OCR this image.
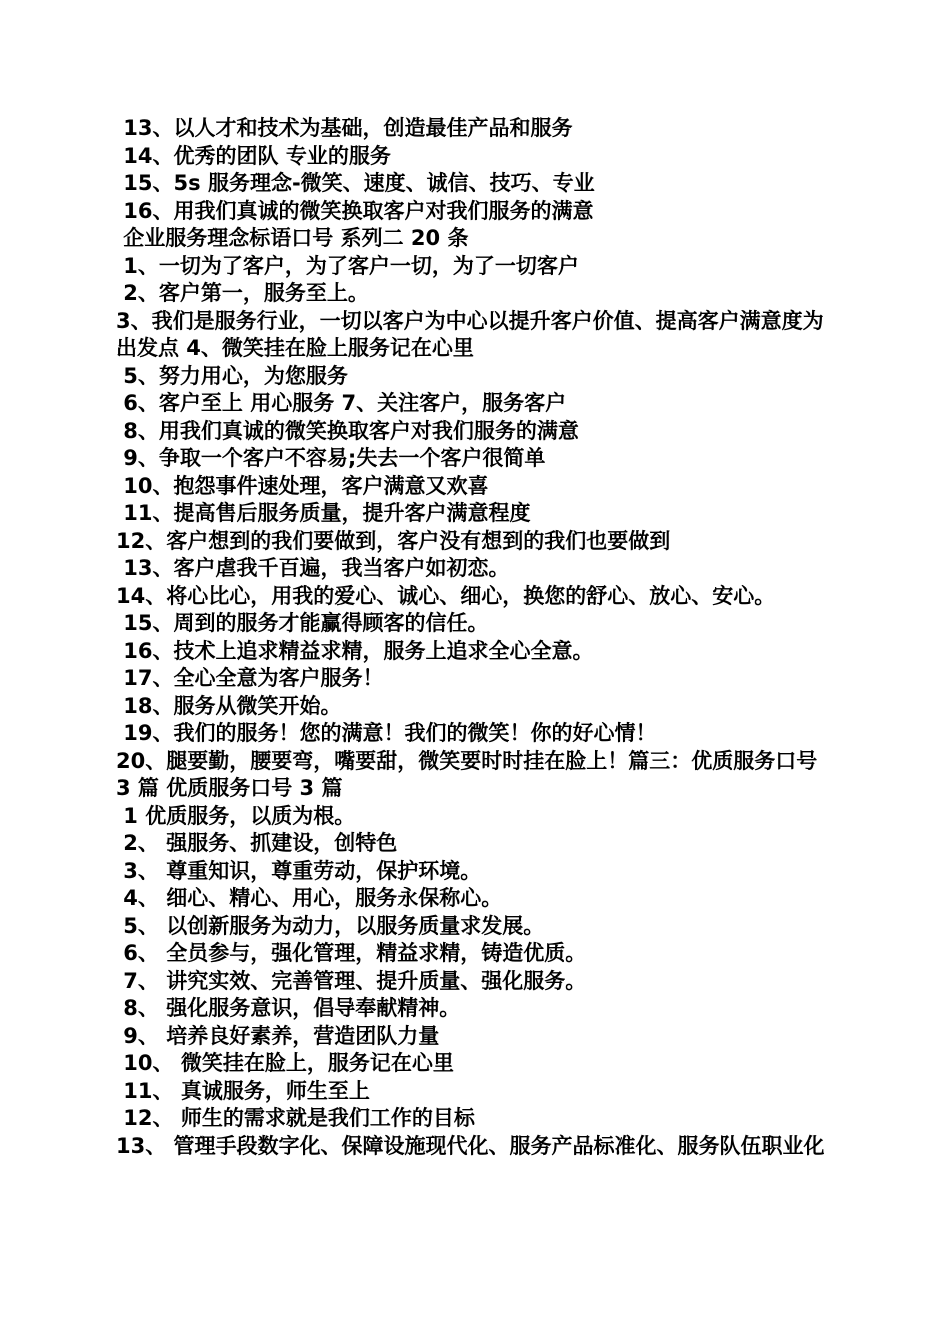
13、以人才和技术为基础，创造最佳产品和服务

14、优秀的团队 专业的服务

15、5s 服务理念-微笑、速度、诚信、技巧、专业

16、用我们真诚的微笑换取客户对我们服务的满意

企业服务理念标语口号 系列二 20 条

1、一切为了客户，为了客户一切，为了一切客户

2、客户第一，服务至上。

3、我们是服务行业，一切以客户为中心以提升客户价值、提高客户满意度为出发点 4、微笑挂在脸上服务记在心里

5、努力用心，为您服务

6、客户至上 用心服务 7、关注客户，服务客户

8、用我们真诚的微笑换取客户对我们服务的满意

9、争取一个客户不容易;失去一个客户很简单

10、抱怨事件速处理，客户满意又欢喜

11、提高售后服务质量，提升客户满意程度

12、客户想到的我们要做到，客户没有想到的我们也要做到

13、客户虐我千百遍，我当客户如初恋。

14、将心比心，用我的爱心、诚心、细心，换您的舒心、放心、安心。

15、周到的服务才能赢得顾客的信任。

16、技术上追求精益求精，服务上追求全心全意。

17、全心全意为客户服务！

18、服务从微笑开始。

19、我们的服务！您的满意！我们的微笑！你的好心情！

20、腿要勤，腰要弯，嘴要甜，微笑要时时挂在脸上！篇三：优质服务口号 3 篇 优质服务口号 3 篇

1 优质服务，以质为根。

2、 强服务、抓建设，创特色

3、 尊重知识，尊重劳动，保护环境。

4、 细心、精心、用心，服务永保称心。

5、 以创新服务为动力，以服务质量求发展。

6、 全员参与，强化管理，精益求精，铸造优质。

7、 讲究实效、完善管理、提升质量、强化服务。

8、 强化服务意识，倡导奉献精神。

9、 培养良好素养，营造团队力量

10、 微笑挂在脸上，服务记在心里

11、 真诚服务，师生至上

12、 师生的需求就是我们工作的目标

13、 管理手段数字化、保障设施现代化、服务产品标准化、服务队伍职业化
